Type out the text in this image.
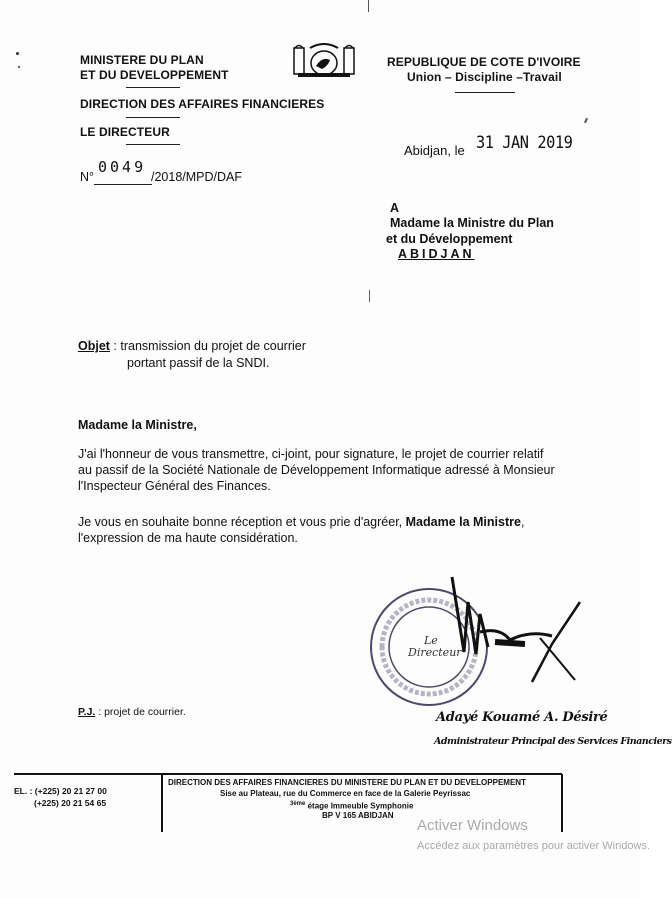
MINISTERE DU PLAN
ET DU DEVELOPPEMENT
DIRECTION DES AFFAIRES FINANCIERES
LE DIRECTEUR
N°
0049
/2018/MPD/DAF
REPUBLIQUE DE COTE D'IVOIRE
Union – Discipline –Travail
Abidjan, le 31 JAN 2019
A
Madame la Ministre du Plan
et du Développement
ABIDJAN
Objet : transmission du projet de courrier
portant passif de la SNDI.
Madame la Ministre,
J'ai l'honneur de vous transmettre, ci-joint, pour signature, le projet de courrier relatif
au passif de la Société Nationale de Développement Informatique adressé à Monsieur
l'Inspecteur Général des Finances.
Je vous en souhaite bonne réception et vous prie d'agréer, Madame la Ministre,
l'expression de ma haute considération.
Le
Directeur
Adayé Kouamé A. Désiré
Administrateur Principal des Services Financiers
P.J. : projet de courrier.
EL. : (+225) 20 21 27 00
(+225) 20 21 54 65
DIRECTION DES AFFAIRES FINANCIERES DU MINISTERE DU PLAN ET DU DEVELOPPEMENT
Sise au Plateau, rue du Commerce en face de la Galerie Peyrissac
$^{3ème}$ étage Immeuble Symphonie
BP V 165 ABIDJAN
Activer Windows
Accédez aux paramètres pour activer Windows.
